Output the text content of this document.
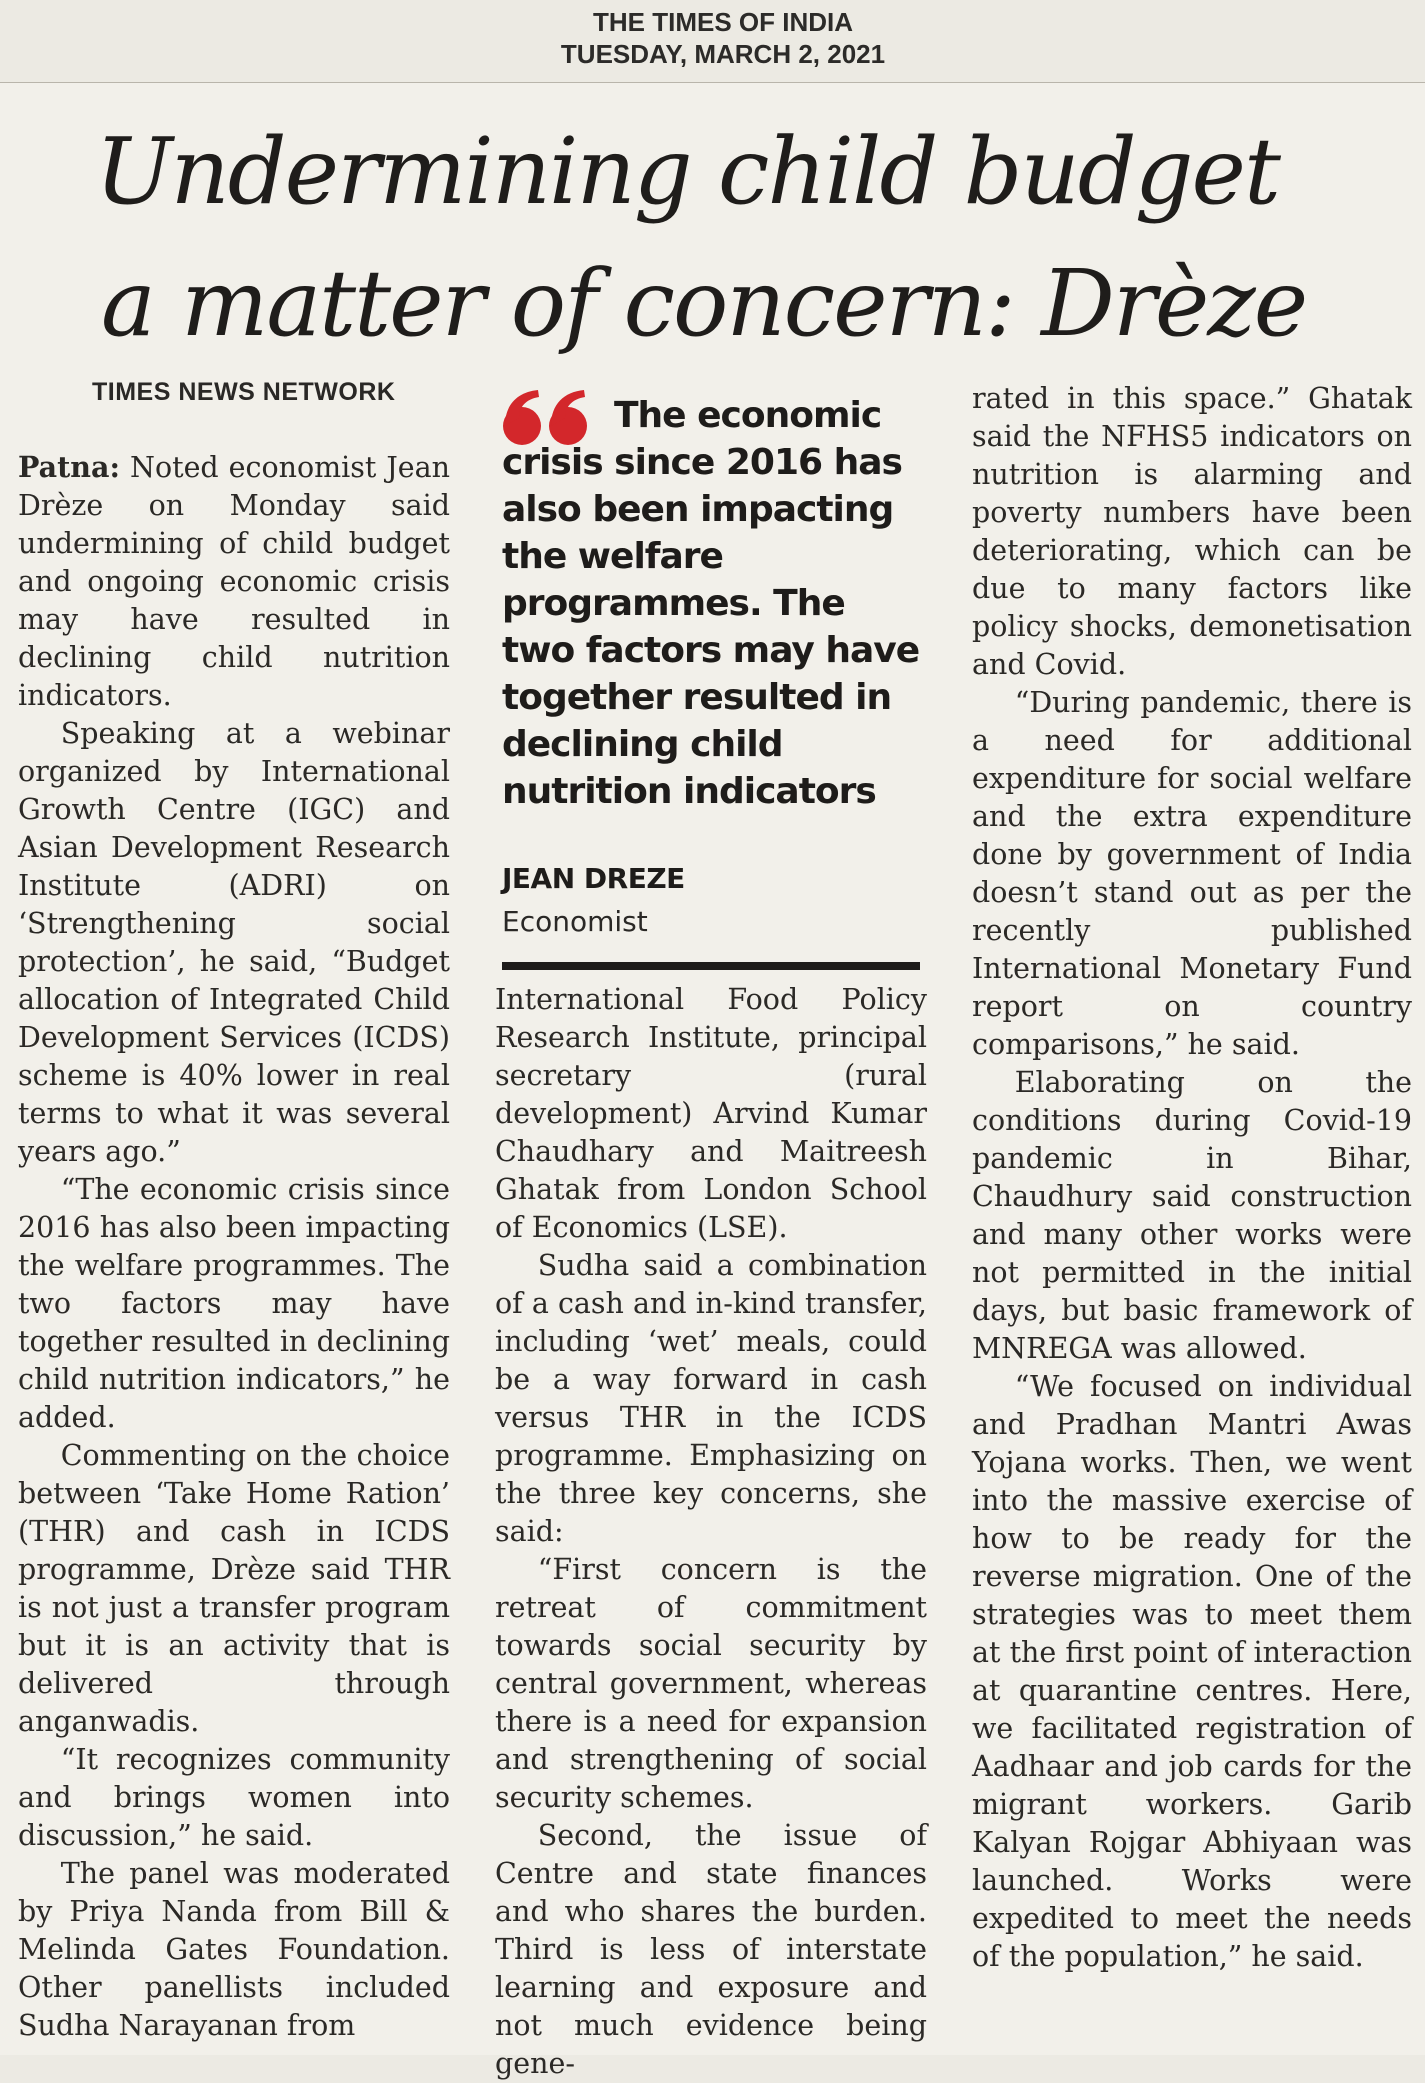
THE TIMES OF INDIA
TUESDAY, MARCH 2, 2021
Undermining child budget
a matter of concern: Drèze
TIMES NEWS NETWORK

Patna: Noted economist Jean Drèze on Monday said undermining of child budget and ongoing economic crisis may have resulted in declining child nutrition indicators.

Speaking at a webinar organized by International Growth Centre (IGC) and Asian Development Research Institute (ADRI) on ‘Strengthening social protection’, he said, “Budget allocation of Integrated Child Development Services (ICDS) scheme is 40% lower in real terms to what it was several years ago.”

“The economic crisis since 2016 has also been impacting the welfare programmes. The two factors may have together resulted in declining child nutrition indicators,” he added.

Commenting on the choice between ‘Take Home Ration’ (THR) and cash in ICDS programme, Drèze said THR is not just a transfer program but it is an activity that is delivered through anganwadis.

“It recognizes community and brings women into discussion,” he said.

The panel was moderated by Priya Nanda from Bill & Melinda Gates Foundation. Other panellists included Sudha Narayanan from

The economic crisis since 2016 has also been impacting the welfare programmes. The two factors may have together resulted in declining child nutrition indicators
JEAN DREZE
Economist

International Food Policy Research Institute, principal secretary (rural development) Arvind Kumar Chaudhary and Maitreesh Ghatak from London School of Economics (LSE).

Sudha said a combination of a cash and in-kind transfer, including ‘wet’ meals, could be a way forward in cash versus THR in the ICDS programme. Emphasizing on the three key concerns, she said:

“First concern is the retreat of commitment towards social security by central government, whereas there is a need for expansion and strengthening of social security schemes.

Second, the issue of Centre and state finances and who shares the burden. Third is less of interstate learning and exposure and not much evidence being gene-

rated in this space.” Ghatak said the NFHS5 indicators on nutrition is alarming and poverty numbers have been deteriorating, which can be due to many factors like policy shocks, demonetisation and Covid.

“During pandemic, there is a need for additional expenditure for social welfare and the extra expenditure done by government of India doesn’t stand out as per the recently published International Monetary Fund report on country comparisons,” he said.

Elaborating on the conditions during Covid-19 pandemic in Bihar, Chaudhury said construction and many other works were not permitted in the initial days, but basic framework of MNREGA was allowed.

“We focused on individual and Pradhan Mantri Awas Yojana works. Then, we went into the massive exercise of how to be ready for the reverse migration. One of the strategies was to meet them at the first point of interaction at quarantine centres. Here, we facilitated registration of Aadhaar and job cards for the migrant workers. Garib Kalyan Rojgar Abhiyaan was launched. Works were expedited to meet the needs of the population,” he said.
